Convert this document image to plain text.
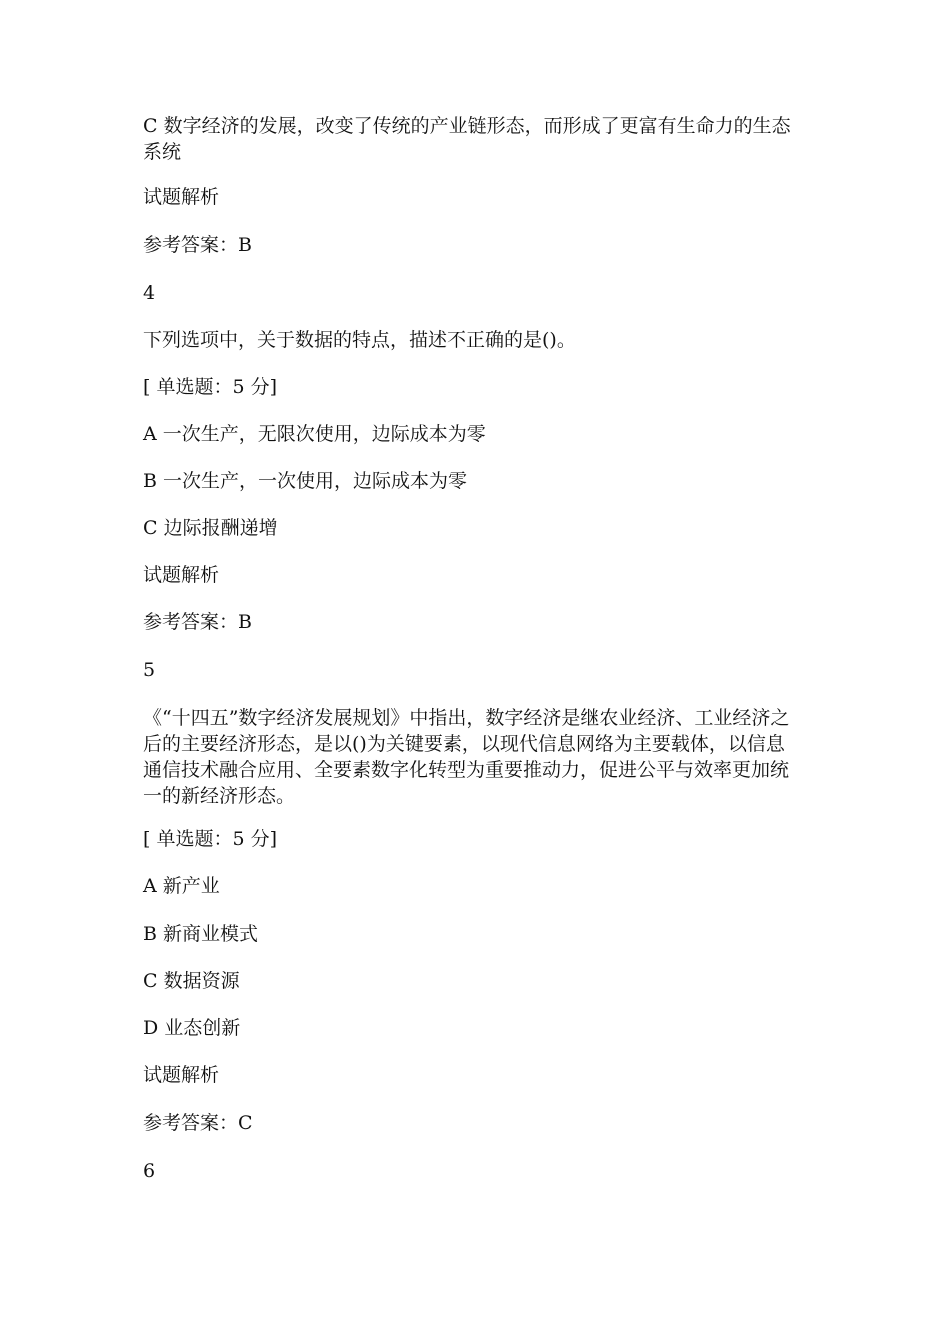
C 数字经济的发展，改变了传统的产业链形态，而形成了更富有生命力的生态系统
试题解析
参考答案：B
4
下列选项中，关于数据的特点，描述不正确的是()。
[ 单选题：5 分]
A 一次生产，无限次使用，边际成本为零
B 一次生产，一次使用，边际成本为零
C 边际报酬递增
试题解析
参考答案：B
5
《“十四五”数字经济发展规划》中指出，数字经济是继农业经济、工业经济之后的主要经济形态，是以()为关键要素，以现代信息网络为主要载体，以信息通信技术融合应用、全要素数字化转型为重要推动力，促进公平与效率更加统一的新经济形态。
[ 单选题：5 分]
A 新产业
B 新商业模式
C 数据资源
D 业态创新
试题解析
参考答案：C
6
